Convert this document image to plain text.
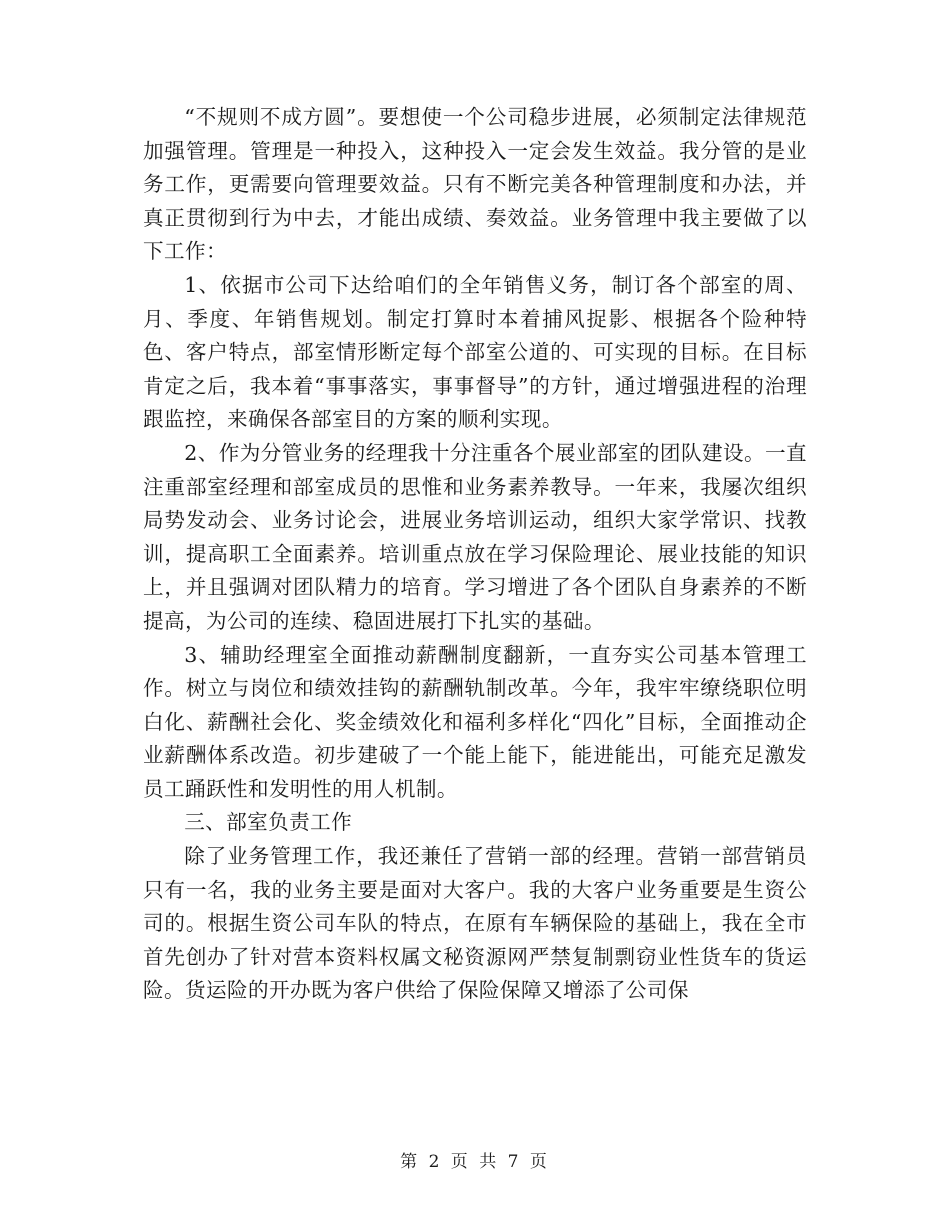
“不规则不成方圆”。要想使一个公司稳步进展，必须制定法律规范加强管理。管理是一种投入，这种投入一定会发生效益。我分管的是业务工作，更需要向管理要效益。只有不断完美各种管理制度和办法，并真正贯彻到行为中去，才能出成绩、奏效益。业务管理中我主要做了以下工作：

1、依据市公司下达给咱们的全年销售义务，制订各个部室的周、月、季度、年销售规划。制定打算时本着捕风捉影、根据各个险种特色、客户特点，部室情形断定每个部室公道的、可实现的目标。在目标肯定之后，我本着“事事落实，事事督导”的方针，通过增强进程的治理跟监控，来确保各部室目的方案的顺利实现。

2、作为分管业务的经理我十分注重各个展业部室的团队建设。一直注重部室经理和部室成员的思惟和业务素养教导。一年来，我屡次组织局势发动会、业务讨论会，进展业务培训运动，组织大家学常识、找教训，提高职工全面素养。培训重点放在学习保险理论、展业技能的知识上，并且强调对团队精力的培育。学习增进了各个团队自身素养的不断提高，为公司的连续、稳固进展打下扎实的基础。

3、辅助经理室全面推动薪酬制度翻新，一直夯实公司基本管理工作。树立与岗位和绩效挂钩的薪酬轨制改革。今年，我牢牢缭绕职位明白化、薪酬社会化、奖金绩效化和福利多样化“四化”目标，全面推动企业薪酬体系改造。初步建破了一个能上能下，能进能出，可能充足激发员工踊跃性和发明性的用人机制。

三、部室负责工作

除了业务管理工作，我还兼任了营销一部的经理。营销一部营销员只有一名，我的业务主要是面对大客户。我的大客户业务重要是生资公司的。根据生资公司车队的特点，在原有车辆保险的基础上，我在全市首先创办了针对营本资料权属文秘资源网严禁复制剽窃业性货车的货运险。货运险的开办既为客户供给了保险保障又增添了公司保

第 2 页 共 7 页
